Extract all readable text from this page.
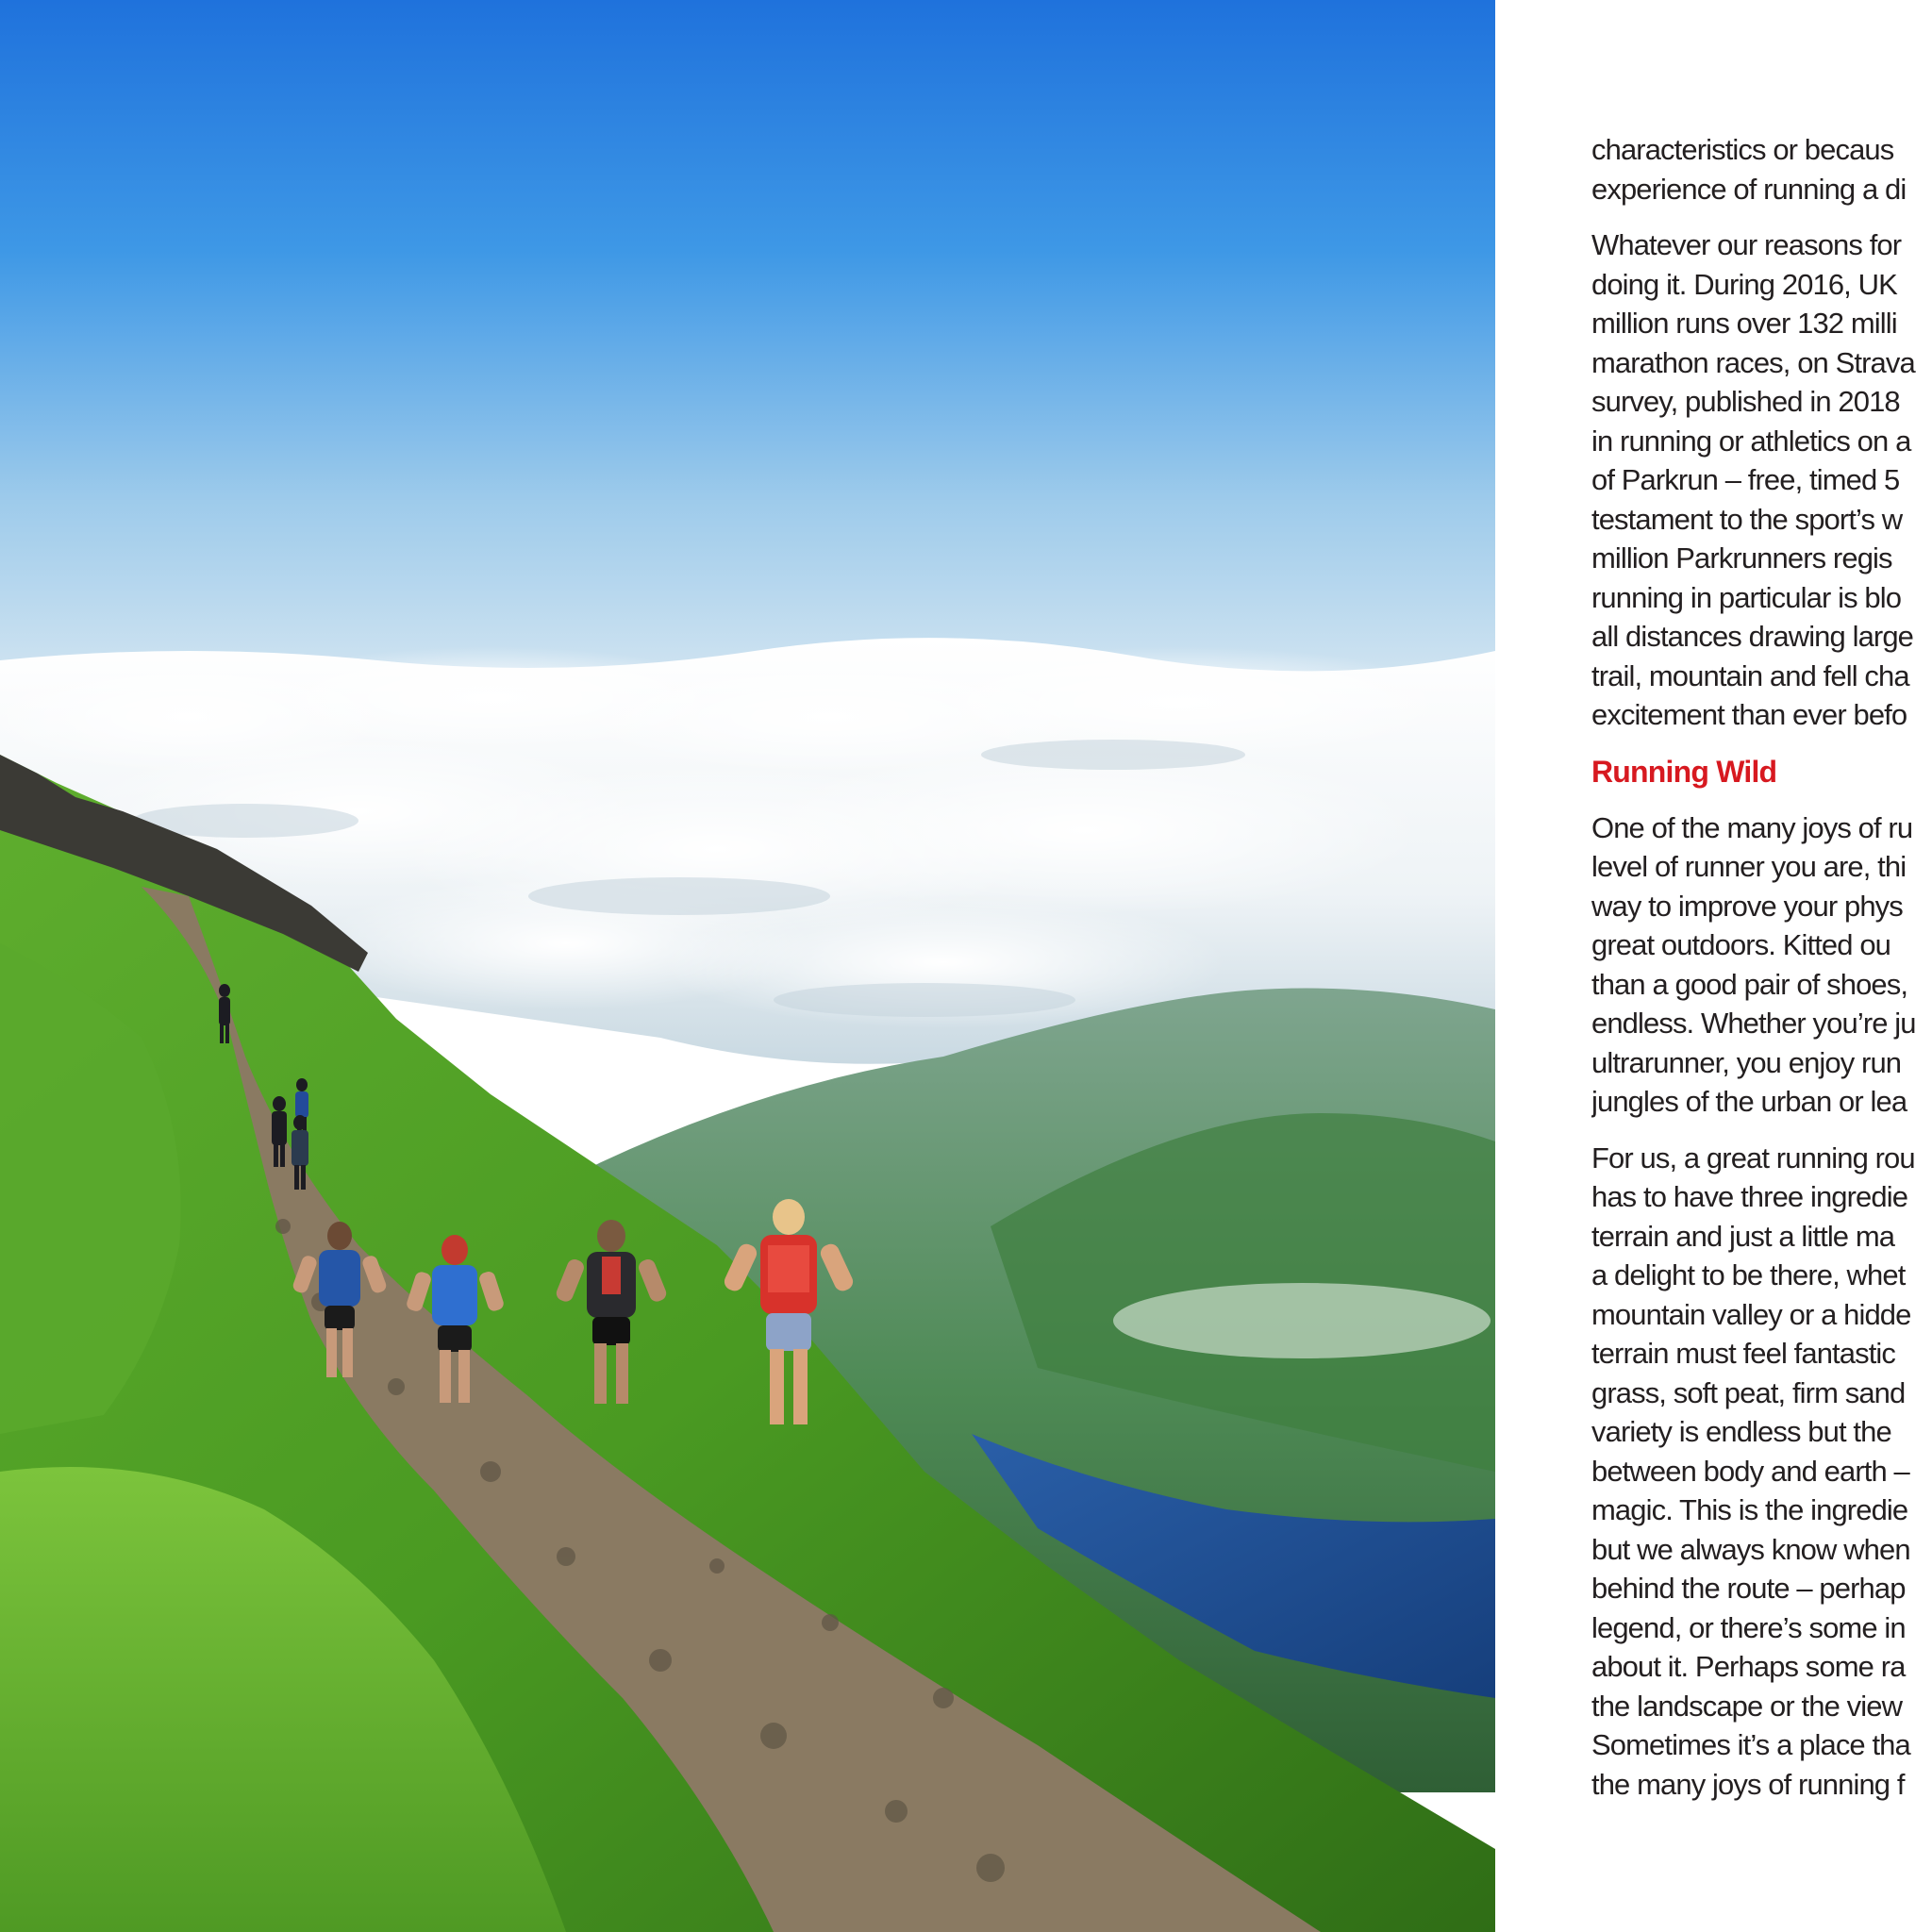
characteristics or becaus
experience of running a di

Whatever our reasons for
doing it. During 2016, UK
million runs over 132 milli
marathon races, on Strava
survey, published in 2018
in running or athletics on a
of Parkrun – free, timed 5
testament to the sport’s w
million Parkrunners regis
running in particular is blo
all distances drawing large
trail, mountain and fell cha
excitement than ever befo

Running Wild

One of the many joys of ru
level of runner you are, thi
way to improve your phys
great outdoors. Kitted ou
than a good pair of shoes,
endless. Whether you’re ju
ultrarunner, you enjoy run
jungles of the urban or lea

For us, a great running rou
has to have three ingredie
terrain and just a little ma
a delight to be there, whet
mountain valley or a hidde
terrain must feel fantastic
grass, soft peat, firm sand
variety is endless but the
between body and earth –
magic. This is the ingredie
but we always know when
behind the route – perhap
legend, or there’s some in
about it. Perhaps some ra
the landscape or the view
Sometimes it’s a place tha
the many joys of running f
